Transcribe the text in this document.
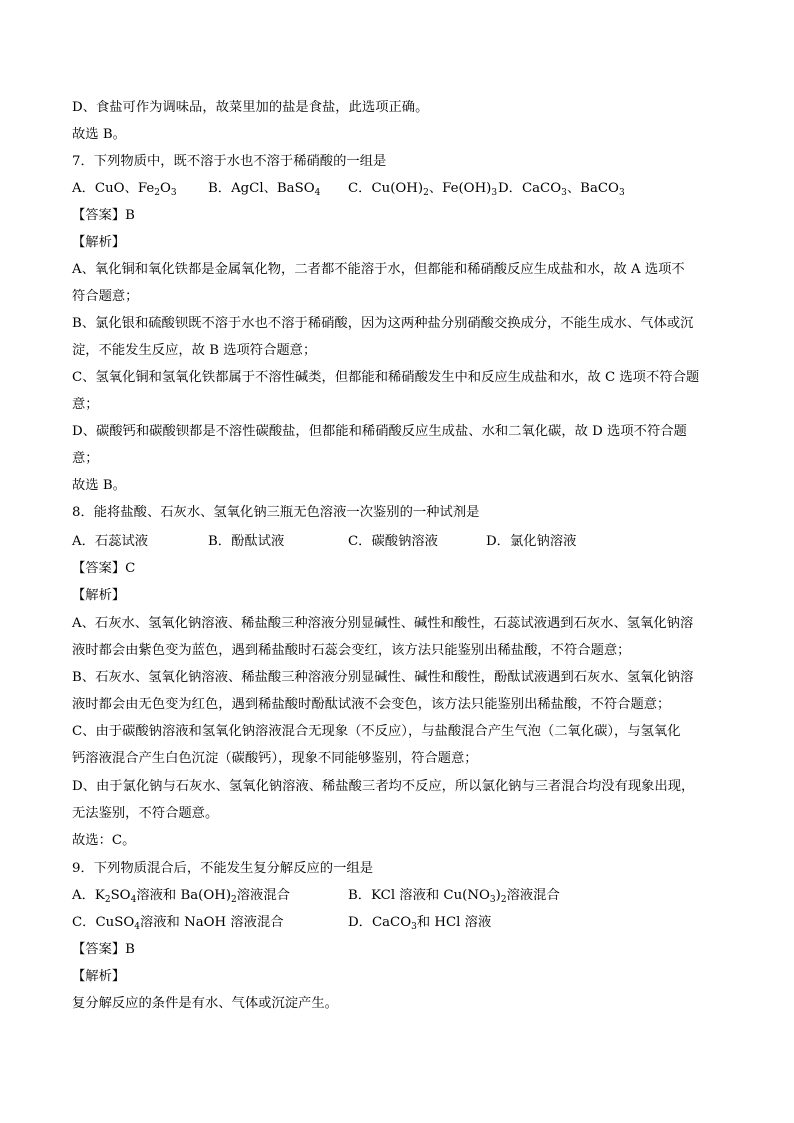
D、食盐可作为调味品，故菜里加的盐是食盐，此选项正确。
故选 B。
7．下列物质中，既不溶于水也不溶于稀硝酸的一组是
A．CuO、$Fe_2O_3$ B．AgCl、BaSO$_4$ C．$Cu(OH)_2$、$Fe(OH)_3$ D．CaCO$_3$、BaCO$_3$
【答案】B
【解析】
A、氧化铜和氧化铁都是金属氧化物，二者都不能溶于水，但都能和稀硝酸反应生成盐和水，故 A 选项不
符合题意；
B、氯化银和硫酸钡既不溶于水也不溶于稀硝酸，因为这两种盐分别硝酸交换成分，不能生成水、气体或沉
淀，不能发生反应，故 B 选项符合题意；
C、氢氧化铜和氢氧化铁都属于不溶性碱类，但都能和稀硝酸发生中和反应生成盐和水，故 C 选项不符合题
意；
D、碳酸钙和碳酸钡都是不溶性碳酸盐，但都能和稀硝酸反应生成盐、水和二氧化碳，故 D 选项不符合题
意；
故选 B。
8．能将盐酸、石灰水、氢氧化钠三瓶无色溶液一次鉴别的一种试剂是
A．石蕊试液	B．酚酞试液	C．碳酸钠溶液	D．氯化钠溶液
【答案】C
【解析】
A、石灰水、氢氧化钠溶液、稀盐酸三种溶液分别显碱性、碱性和酸性，石蕊试液遇到石灰水、氢氧化钠溶
液时都会由紫色变为蓝色，遇到稀盐酸时石蕊会变红，该方法只能鉴别出稀盐酸，不符合题意；
B、石灰水、氢氧化钠溶液、稀盐酸三种溶液分别显碱性、碱性和酸性，酚酞试液遇到石灰水、氢氧化钠溶
液时都会由无色变为红色，遇到稀盐酸时酚酞试液不会变色，该方法只能鉴别出稀盐酸，不符合题意；
C、由于碳酸钠溶液和氢氧化钠溶液混合无现象（不反应），与盐酸混合产生气泡（二氧化碳），与氢氧化
钙溶液混合产生白色沉淀（碳酸钙），现象不同能够鉴别，符合题意；
D、由于氯化钠与石灰水、氢氧化钠溶液、稀盐酸三者均不反应，所以氯化钠与三者混合均没有现象出现，
无法鉴别，不符合题意。
故选：C。
9．下列物质混合后，不能发生复分解反应的一组是
A．$K_2SO_4$溶液和 $Ba(OH)_2$溶液混合	B．KCl 溶液和 $Cu(NO_3)_2$溶液混合
C．CuSO$_4$溶液和 NaOH 溶液混合	D．CaCO$_3$和 HCl 溶液
【答案】B
【解析】
复分解反应的条件是有水、气体或沉淀产生。
